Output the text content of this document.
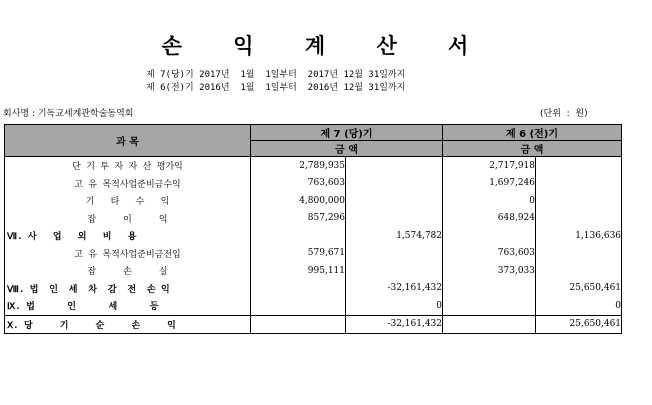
손 익 계 산 서
제 7(당)기 2017년  1월  1일부터  2017년 12월 31일까지
제 6(전)기 2016년  1월  1일부터  2016년 12월 31일까지
회사명 : 기독교세계관학술동역회	(단위  :  원)
과 목	제 7 (당)기		제 6 (전)기	
	금 액		금 액	
단 기 투 자 자 산 평가익	2,789,935		2,717,918	
고 유 목적사업준비금수익	763,603		1,697,246	
기   타   수   익	4,800,000		0	
잡     이     익	857,296		648,924	
Ⅶ. 사   업   외   비   용		1,574,782		1,136,636
고 유 목적사업준비금전입	579,671		763,603	
잡     손     실	995,111		373,033	
Ⅷ. 법  인  세  차  감  전  손 익		-32,161,432		25,650,461
Ⅸ. 법      인      세      등		0		0
Ⅹ. 당     기     순     손     익		-32,161,432		25,650,461
